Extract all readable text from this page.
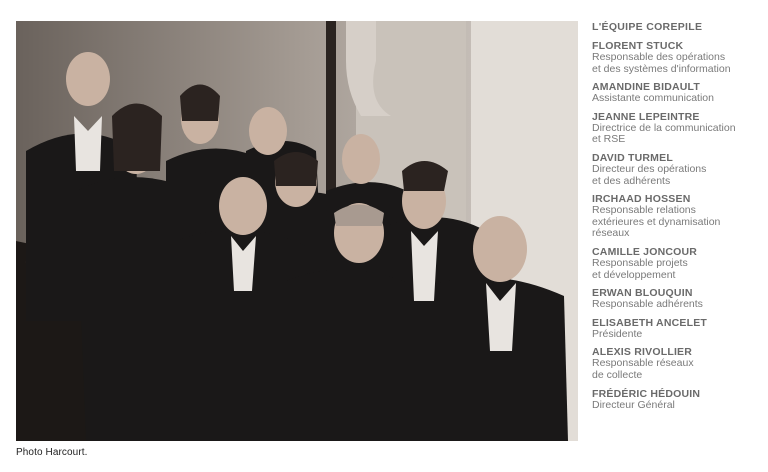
Photo Harcourt.
L'ÉQUIPE COREPILE
FLORENT STUCK
Responsable des opérations
et des systèmes d'information
AMANDINE BIDAULT
Assistante communication
JEANNE LEPEINTRE
Directrice de la communication
et RSE
DAVID TURMEL
Directeur des opérations
et des adhérents
IRCHAAD HOSSEN
Responsable relations
extérieures et dynamisation
réseaux
CAMILLE JONCOUR
Responsable projets
et développement
ERWAN BLOUQUIN
Responsable adhérents
ELISABETH ANCELET
Présidente
ALEXIS RIVOLLIER
Responsable réseaux
de collecte
FRÉDÉRIC HÉDOUIN
Directeur Général
